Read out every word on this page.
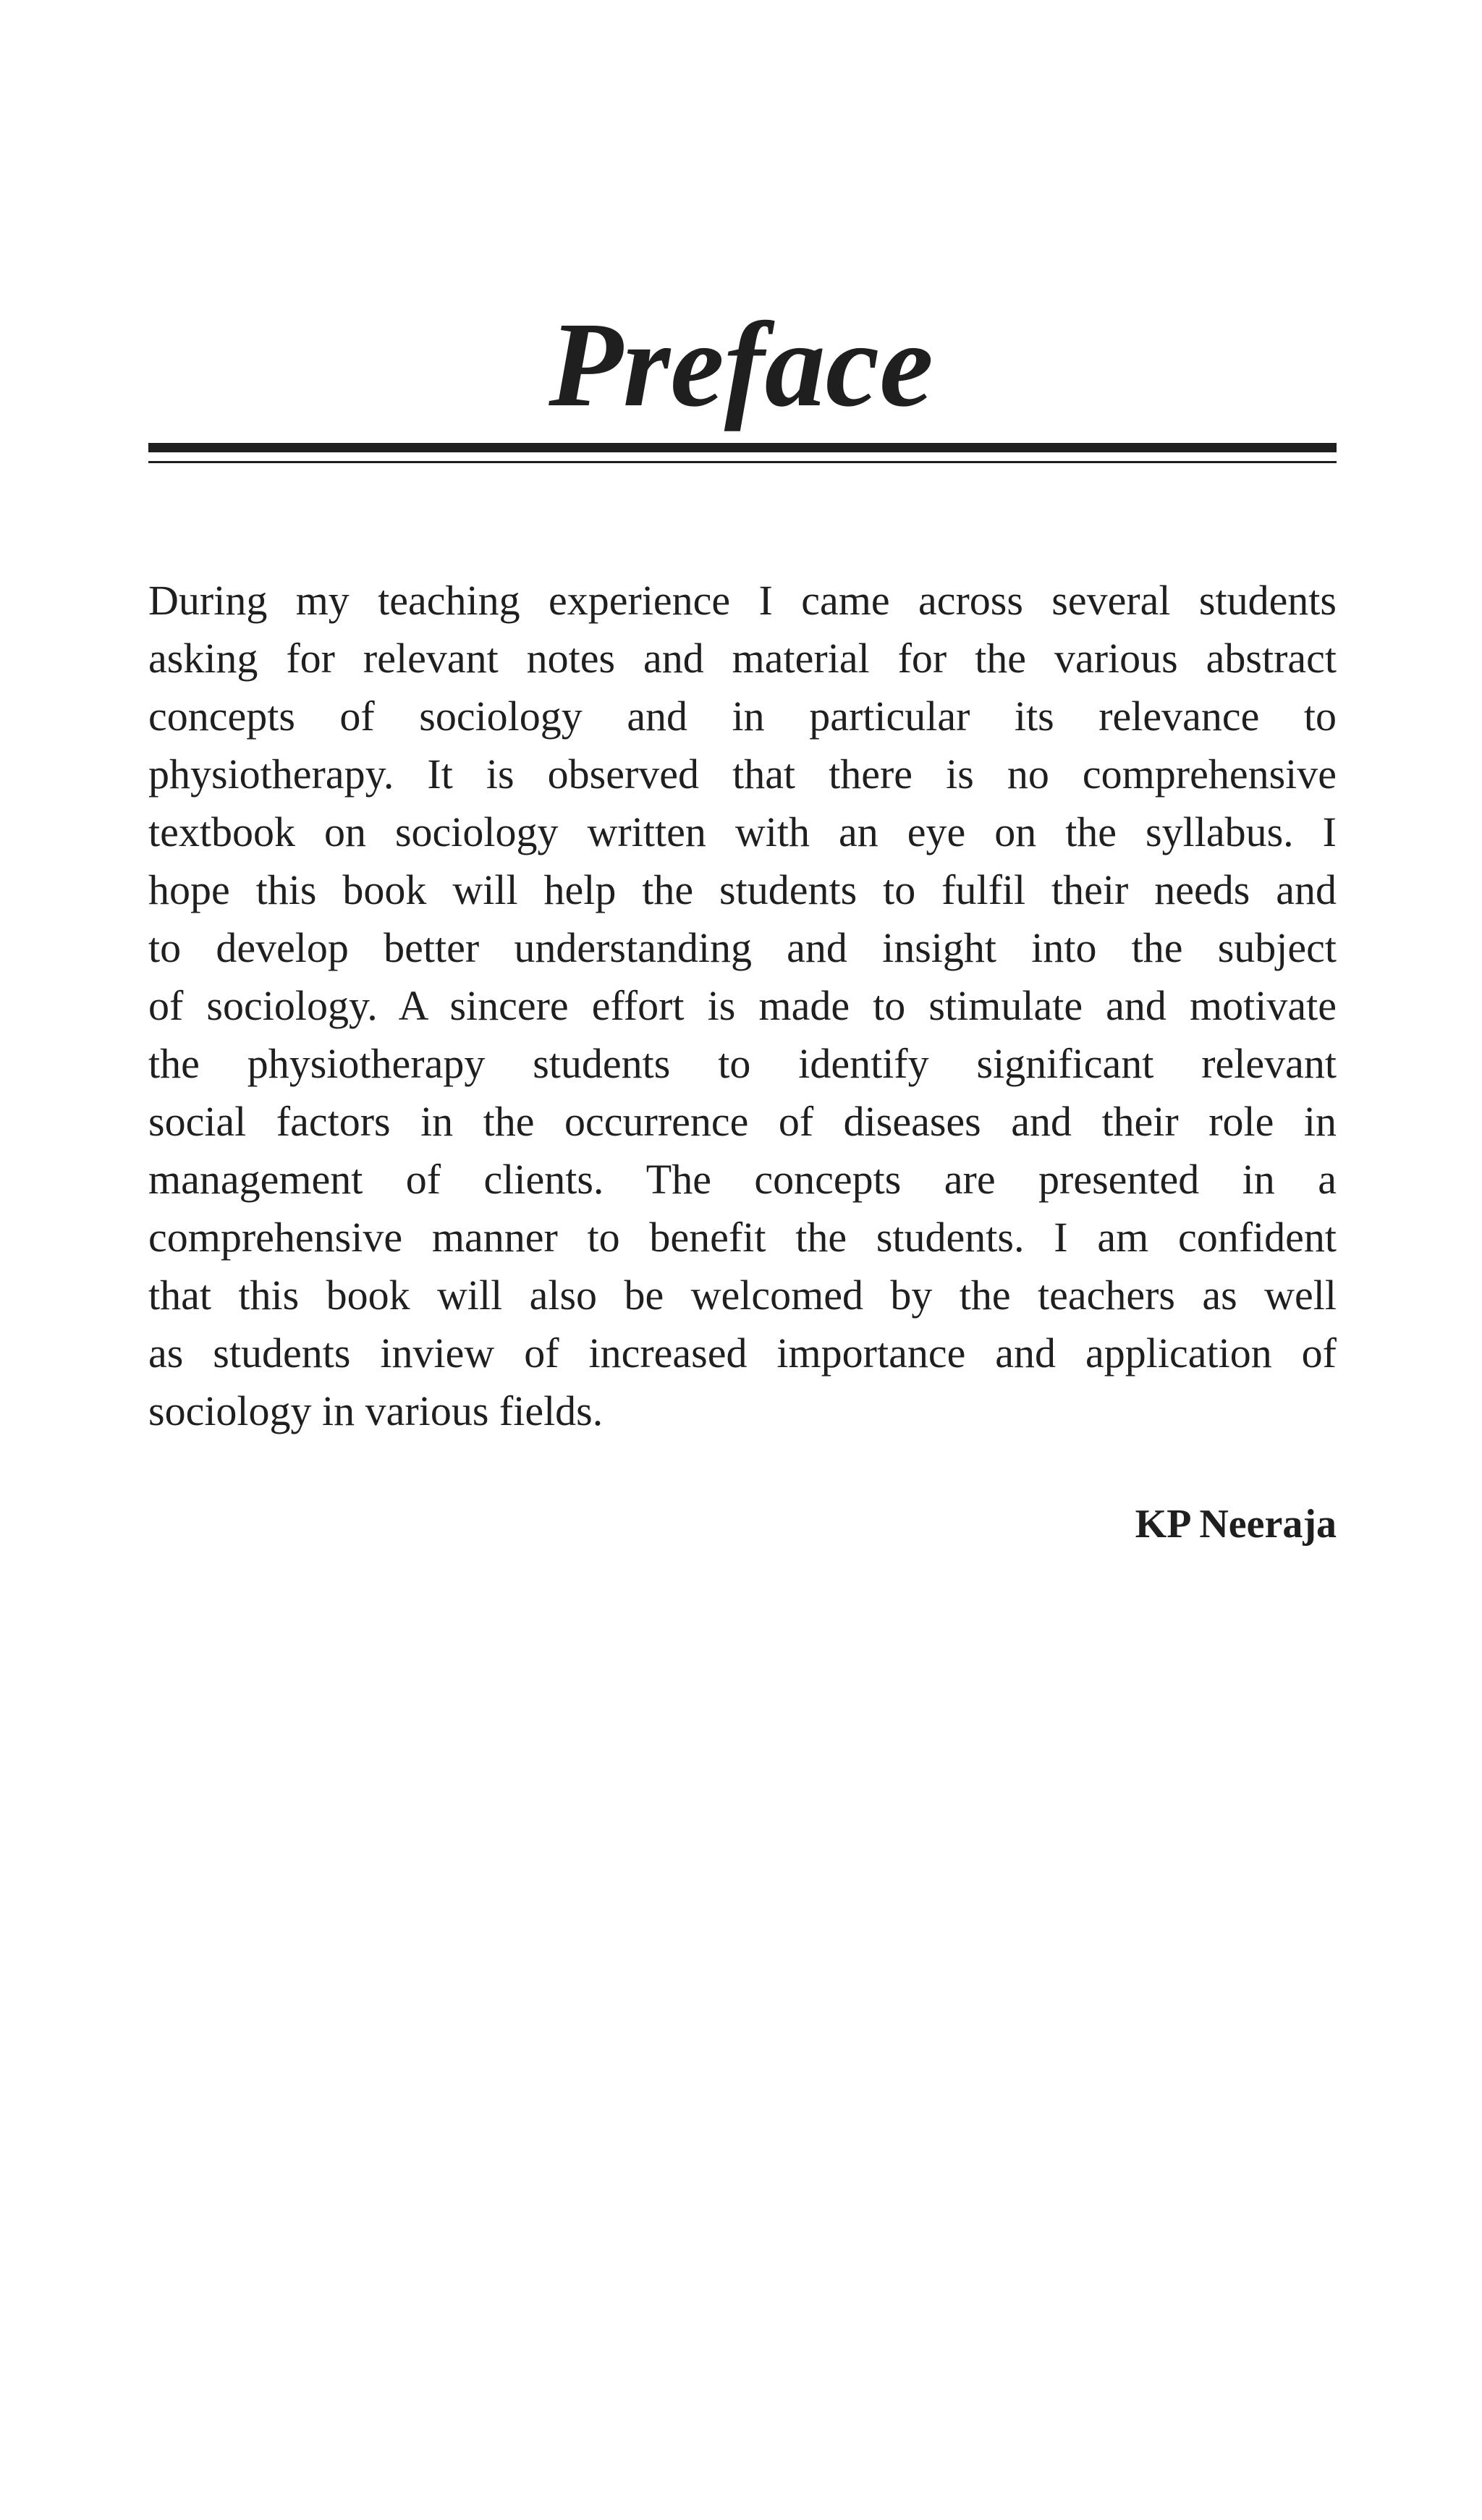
Preface
During my teaching experience I came across several students
asking for relevant notes and material for the various abstract
concepts of sociology and in particular its relevance to
physiotherapy. It is observed that there is no comprehensive
textbook on sociology written with an eye on the syllabus. I
hope this book will help the students to fulfil their needs and
to develop better understanding and insight into the subject
of sociology. A sincere effort is made to stimulate and motivate
the physiotherapy students to identify significant relevant
social factors in the occurrence of diseases and their role in
management of clients. The concepts are presented in a
comprehensive manner to benefit the students. I am confident
that this book will also be welcomed by the teachers as well
as students inview of increased importance and application of
sociology in various fields.

KP Neeraja
